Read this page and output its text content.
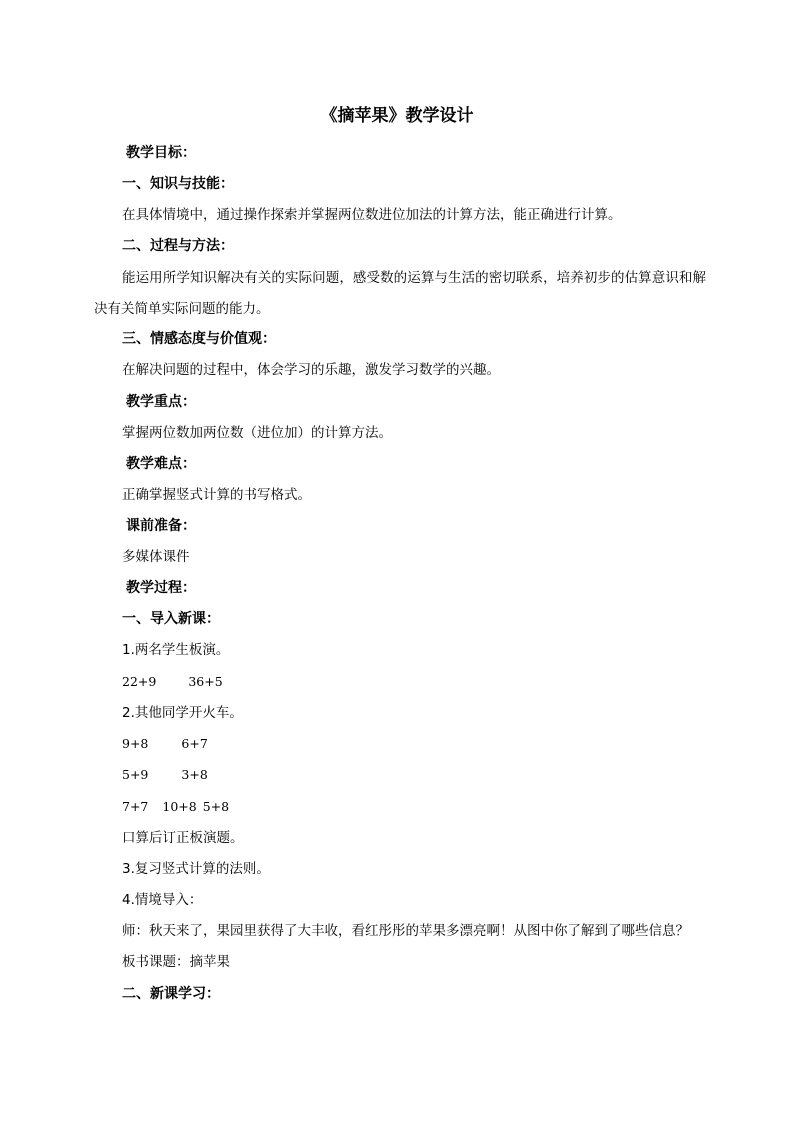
《摘苹果》教学设计
教学目标：
一、知识与技能：
在具体情境中，通过操作探索并掌握两位数进位加法的计算方法，能正确进行计算。
二、过程与方法：
能运用所学知识解决有关的实际问题，感受数的运算与生活的密切联系，培养初步的估算意识和解决有关简单实际问题的能力。
三、情感态度与价值观：
在解决问题的过程中，体会学习的乐趣，激发学习数学的兴趣。
教学重点：
掌握两位数加两位数（进位加）的计算方法。
教学难点：
正确掌握竖式计算的书写格式。
课前准备：
多媒体课件
教学过程：
一、导入新课：
1.两名学生板演。
22+9	36+5
2.其他同学开火车。
9+8	6+7
5+9	3+8
7+7 10+8 5+8
口算后订正板演题。
3.复习竖式计算的法则。
4.情境导入：
师：秋天来了，果园里获得了大丰收，看红彤彤的苹果多漂亮啊！从图中你了解到了哪些信息？
板书课题：摘苹果
二、新课学习：
